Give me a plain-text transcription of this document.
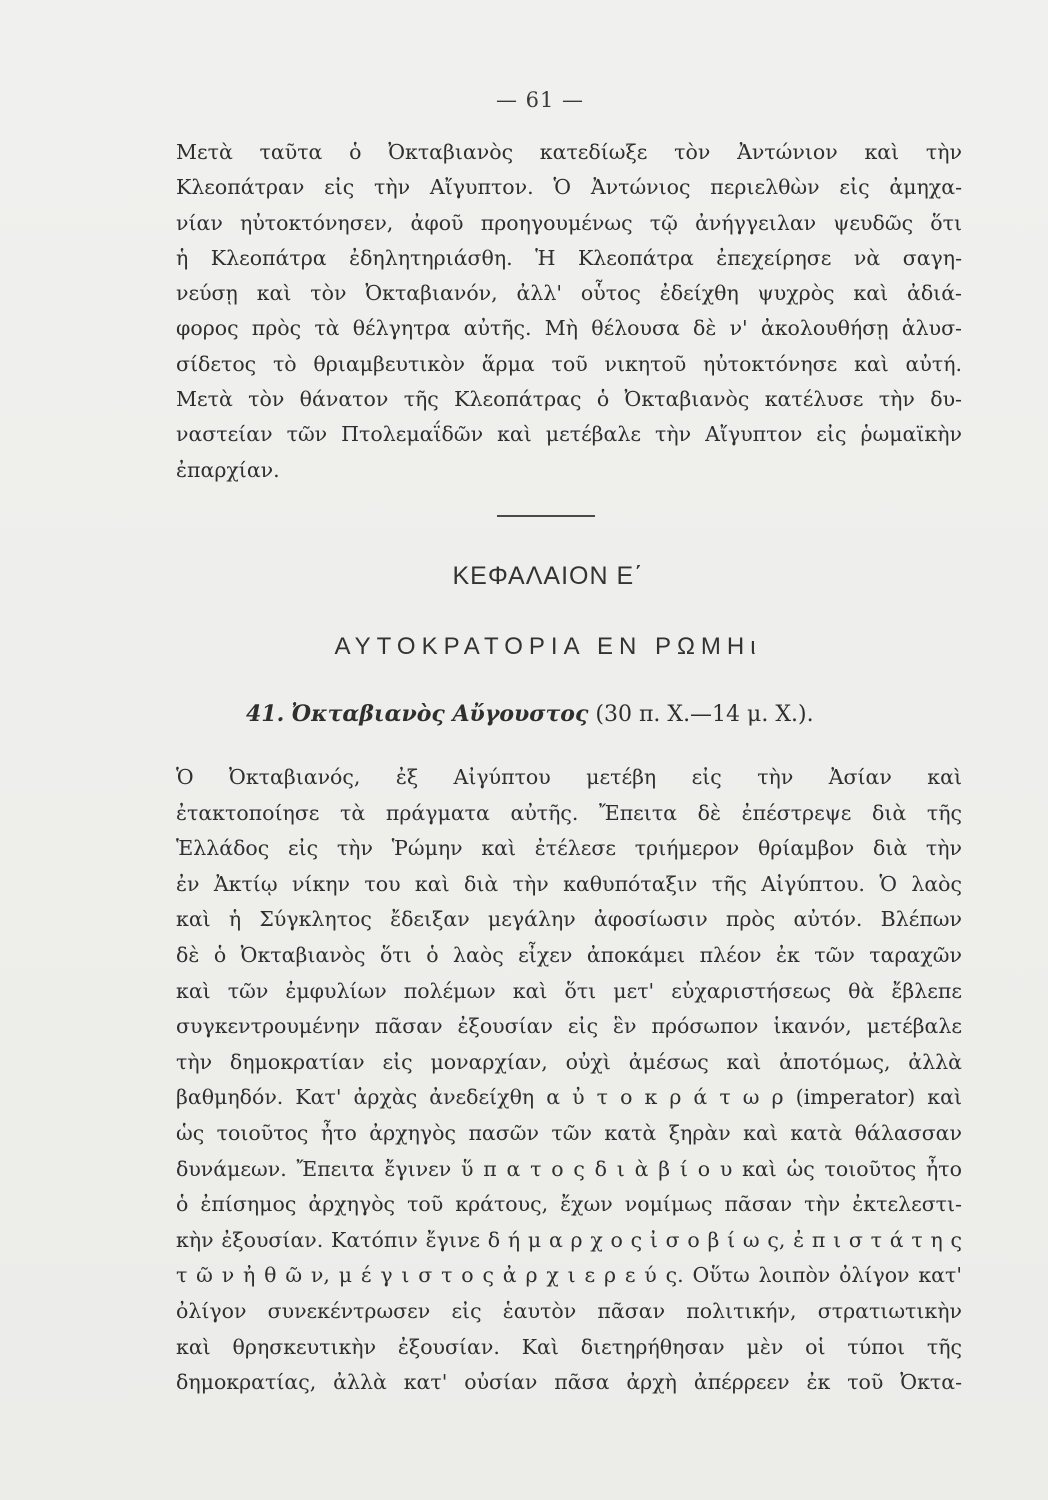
— 61 —
Μετὰ ταῦτα ὁ Ὀκταβιανὸς κατεδίωξε τὸν Ἀντώνιον καὶ τὴν
Κλεοπάτραν εἰς τὴν Αἴγυπτον. Ὁ Ἀντώνιος περιελθὼν εἰς ἀμηχα-
νίαν ηὐτοκτόνησεν, ἀφοῦ προηγουμένως τῷ ἀνήγγειλαν ψευδῶς ὅτι
ἡ Κλεοπάτρα ἐδηλητηριάσθη. Ἡ Κλεοπάτρα ἐπεχείρησε νὰ σαγη-
νεύσῃ καὶ τὸν Ὀκταβιανόν, ἀλλ' οὗτος ἐδείχθη ψυχρὸς καὶ ἀδιά-
φορος πρὸς τὰ θέλγητρα αὐτῆς. Μὴ θέλουσα δὲ ν' ἀκολουθήσῃ ἁλυσ-
σίδετος τὸ θριαμβευτικὸν ἅρμα τοῦ νικητοῦ ηὐτοκτόνησε καὶ αὐτή.
Μετὰ τὸν θάνατον τῆς Κλεοπάτρας ὁ Ὀκταβιανὸς κατέλυσε τὴν δυ-
ναστείαν τῶν Πτολεμαΐδῶν καὶ μετέβαλε τὴν Αἴγυπτον εἰς ῥωμαϊκὴν
ἐπαρχίαν.
ΚΕΦΑΛΑΙΟΝ Ε΄
ΑΥΤΟΚΡΑΤΟΡΙΑ ΕΝ ΡΩΜΗι
41. Ὀκταβιανὸς Αὔγουστος (30 π. Χ.—14 μ. Χ.).
Ὁ Ὀκταβιανός, ἐξ Αἰγύπτου μετέβη εἰς τὴν Ἀσίαν καὶ
ἐτακτοποίησε τὰ πράγματα αὐτῆς. Ἔπειτα δὲ ἐπέστρεψε διὰ τῆς
Ἑλλάδος εἰς τὴν Ῥώμην καὶ ἐτέλεσε τριήμερον θρίαμβον διὰ τὴν
ἐν Ἀκτίῳ νίκην του καὶ διὰ τὴν καθυπόταξιν τῆς Αἰγύπτου. Ὁ λαὸς
καὶ ἡ Σύγκλητος ἔδειξαν μεγάλην ἀφοσίωσιν πρὸς αὐτόν. Βλέπων
δὲ ὁ Ὀκταβιανὸς ὅτι ὁ λαὸς εἶχεν ἀποκάμει πλέον ἐκ τῶν ταραχῶν
καὶ τῶν ἐμφυλίων πολέμων καὶ ὅτι μετ' εὐχαριστήσεως θὰ ἔβλεπε
συγκεντρουμένην πᾶσαν ἐξουσίαν εἰς ἓν πρόσωπον ἱκανόν, μετέβαλε
τὴν δημοκρατίαν εἰς μοναρχίαν, οὐχὶ ἀμέσως καὶ ἀποτόμως, ἀλλὰ
βαθμηδόν. Κατ' ἀρχὰς ἀνεδείχθη α ὐ τ ο κ ρ ά τ ω ρ (imperator) καὶ
ὡς τοιοῦτος ἦτο ἀρχηγὸς πασῶν τῶν κατὰ ξηρὰν καὶ κατὰ θάλασσαν
δυνάμεων. Ἔπειτα ἔγινεν ὕ π α τ ο ς δ ι ὰ β ί ο υ καὶ ὡς τοιοῦτος ἦτο
ὁ ἐπίσημος ἀρχηγὸς τοῦ κράτους, ἔχων νομίμως πᾶσαν τὴν ἐκτελεστι-
κὴν ἐξουσίαν. Κατόπιν ἔγινε δ ή μ α ρ χ ο ς ἰ σ ο β ί ω ς, ἐ π ι σ τ ά τ η ς
τ ῶ ν ἠ θ ῶ ν, μ έ γ ι σ τ ο ς ἀ ρ χ ι ε ρ ε ύ ς. Οὕτω λοιπὸν ὀλίγον κατ'
ὀλίγον συνεκέντρωσεν εἰς ἑαυτὸν πᾶσαν πολιτικήν, στρατιωτικὴν
καὶ θρησκευτικὴν ἐξουσίαν. Καὶ διετηρήθησαν μὲν οἱ τύποι τῆς
δημοκρατίας, ἀλλὰ κατ' οὐσίαν πᾶσα ἀρχὴ ἀπέρρεεν ἐκ τοῦ Ὀκτα-
